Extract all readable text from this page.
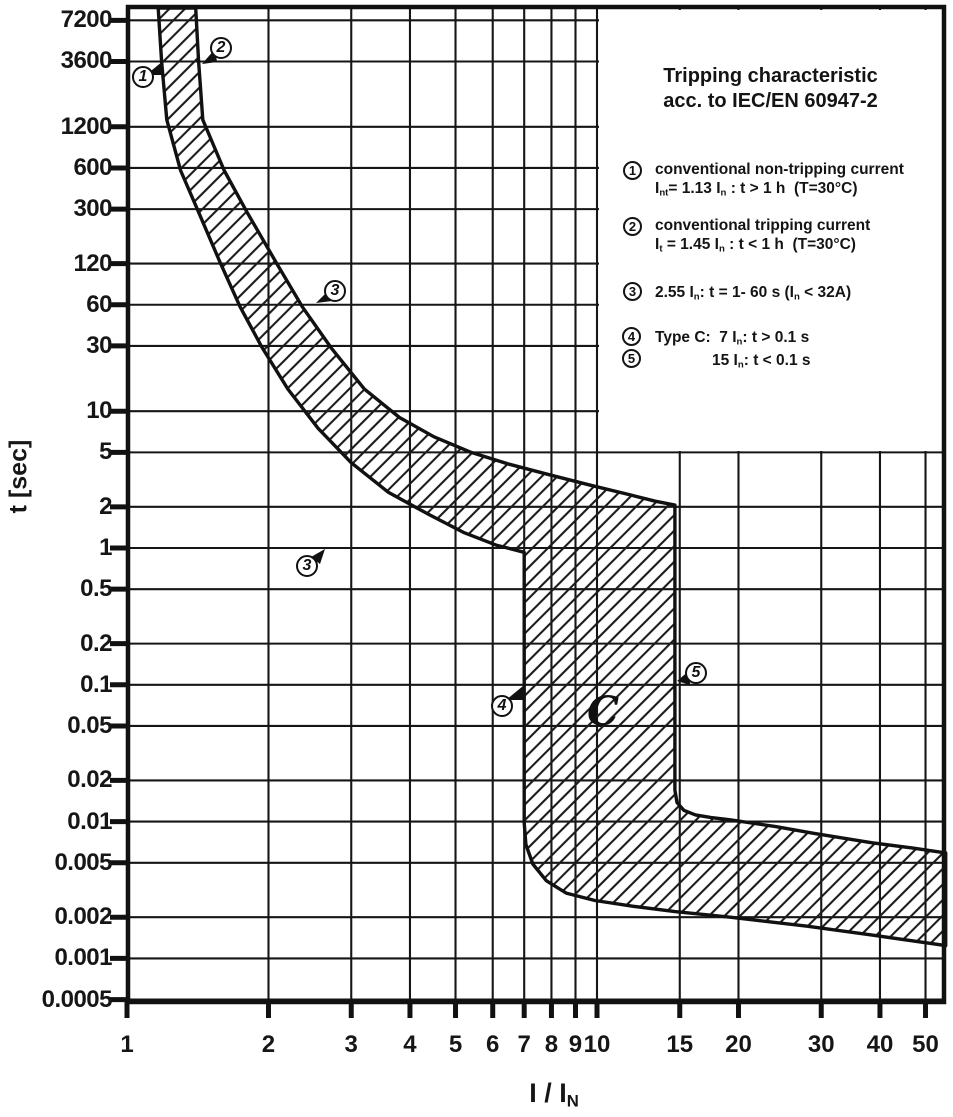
t [sec]
I / $I_N$
C
Tripping characteristic
acc. to IEC/EN 60947-2
1	conventional non-tripping current
$I_{nt}= 1.13$ $I_n$ : t > 1 h  (T=30°C)
2	conventional tripping current
$I_t = 1.45$ $I_n$ : t < 1 h  (T=30°C)
3	2.55 $I_n$: t = 1- 60 s $(I_n < 32A)$
4	Type C:  7 $I_n$: t > 0.1 s
5	15 $I_n$: t < 0.1 s
7200
3600
1200
600
300
120
60
30
10
5
2
1
0.5
0.2
0.1
0.05
0.02
0.01
0.005
0.002
0.001
0.0005
1	2	3	4	5 6 7 8 9 10	15	20	30	40 50
1
2
3
3
4
5
